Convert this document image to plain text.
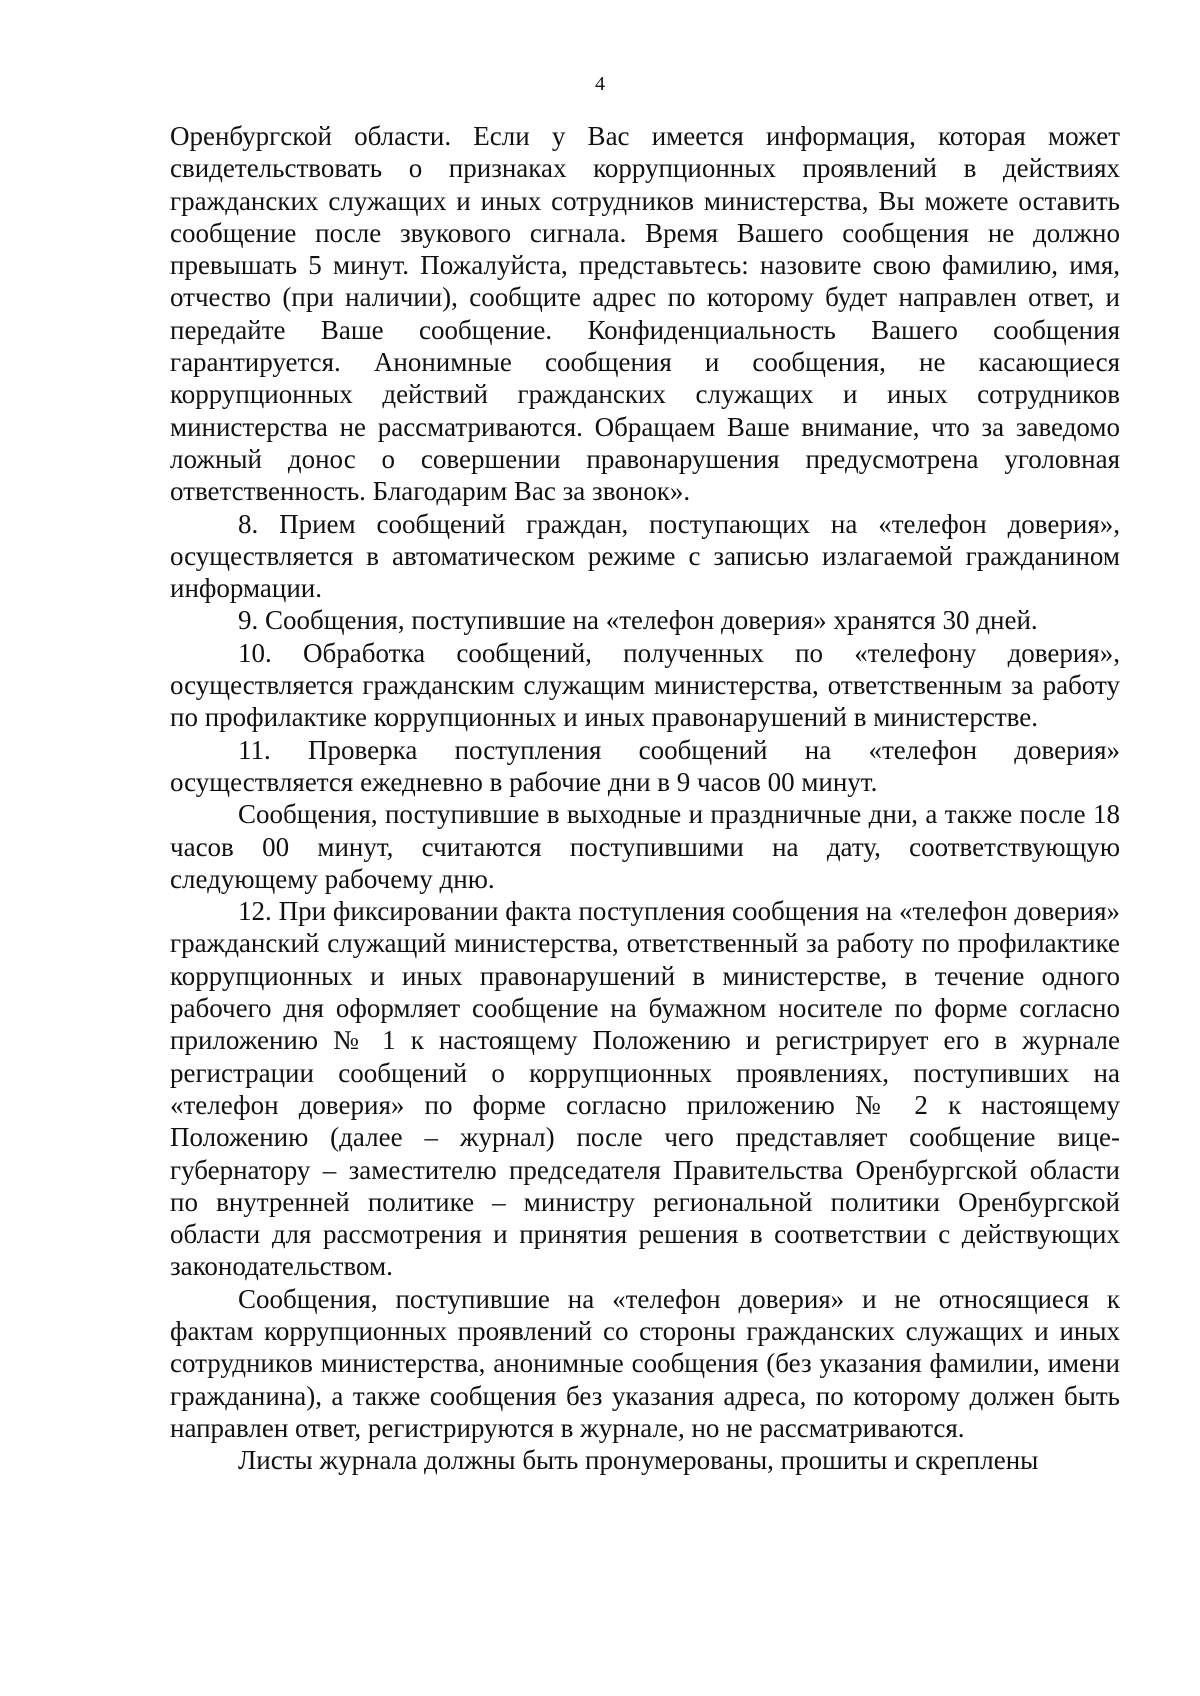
4

Оренбургской области. Если у Вас имеется информация, которая может свидетельствовать о признаках коррупционных проявлений в действиях гражданских служащих и иных сотрудников министерства, Вы можете оставить сообщение после звукового сигнала. Время Вашего сообщения не должно превышать 5 минут. Пожалуйста, представьтесь: назовите свою фамилию, имя, отчество (при наличии), сообщите адрес по которому будет направлен ответ, и передайте Ваше сообщение. Конфиденциальность Вашего сообщения гарантируется. Анонимные сообщения и сообщения, не касающиеся коррупционных действий гражданских служащих и иных сотрудников министерства не рассматриваются. Обращаем Ваше внимание, что за заведомо ложный донос о совершении правонарушения предусмотрена уголовная ответственность. Благодарим Вас за звонок».

8. Прием сообщений граждан, поступающих на «телефон доверия», осуществляется в автоматическом режиме с записью излагаемой гражданином информации.

9. Сообщения, поступившие на «телефон доверия» хранятся 30 дней.

10. Обработка сообщений, полученных по «телефону доверия», осуществляется гражданским служащим министерства, ответственным за работу по профилактике коррупционных и иных правонарушений в министерстве.

11. Проверка поступления сообщений на «телефон доверия» осуществляется ежедневно в рабочие дни в 9 часов 00 минут.

Сообщения, поступившие в выходные и праздничные дни, а также после 18 часов 00 минут, считаются поступившими на дату, соответствующую следующему рабочему дню.

12. При фиксировании факта поступления сообщения на «телефон доверия» гражданский служащий министерства, ответственный за работу по профилактике коррупционных и иных правонарушений в министерстве, в течение одного рабочего дня оформляет сообщение на бумажном носителе по форме согласно приложению № 1 к настоящему Положению и регистрирует его в журнале регистрации сообщений о коррупционных проявлениях, поступивших на «телефон доверия» по форме согласно приложению № 2 к настоящему Положению (далее – журнал) после чего представляет сообщение вице-губернатору – заместителю председателя Правительства Оренбургской области по внутренней политике – министру региональной политики Оренбургской области для рассмотрения и принятия решения в соответствии с действующих законодательством.

Сообщения, поступившие на «телефон доверия» и не относящиеся к фактам коррупционных проявлений со стороны гражданских служащих и иных сотрудников министерства, анонимные сообщения (без указания фамилии, имени гражданина), а также сообщения без указания адреса, по которому должен быть направлен ответ, регистрируются в журнале, но не рассматриваются.

Листы журнала должны быть пронумерованы, прошиты и скреплены
